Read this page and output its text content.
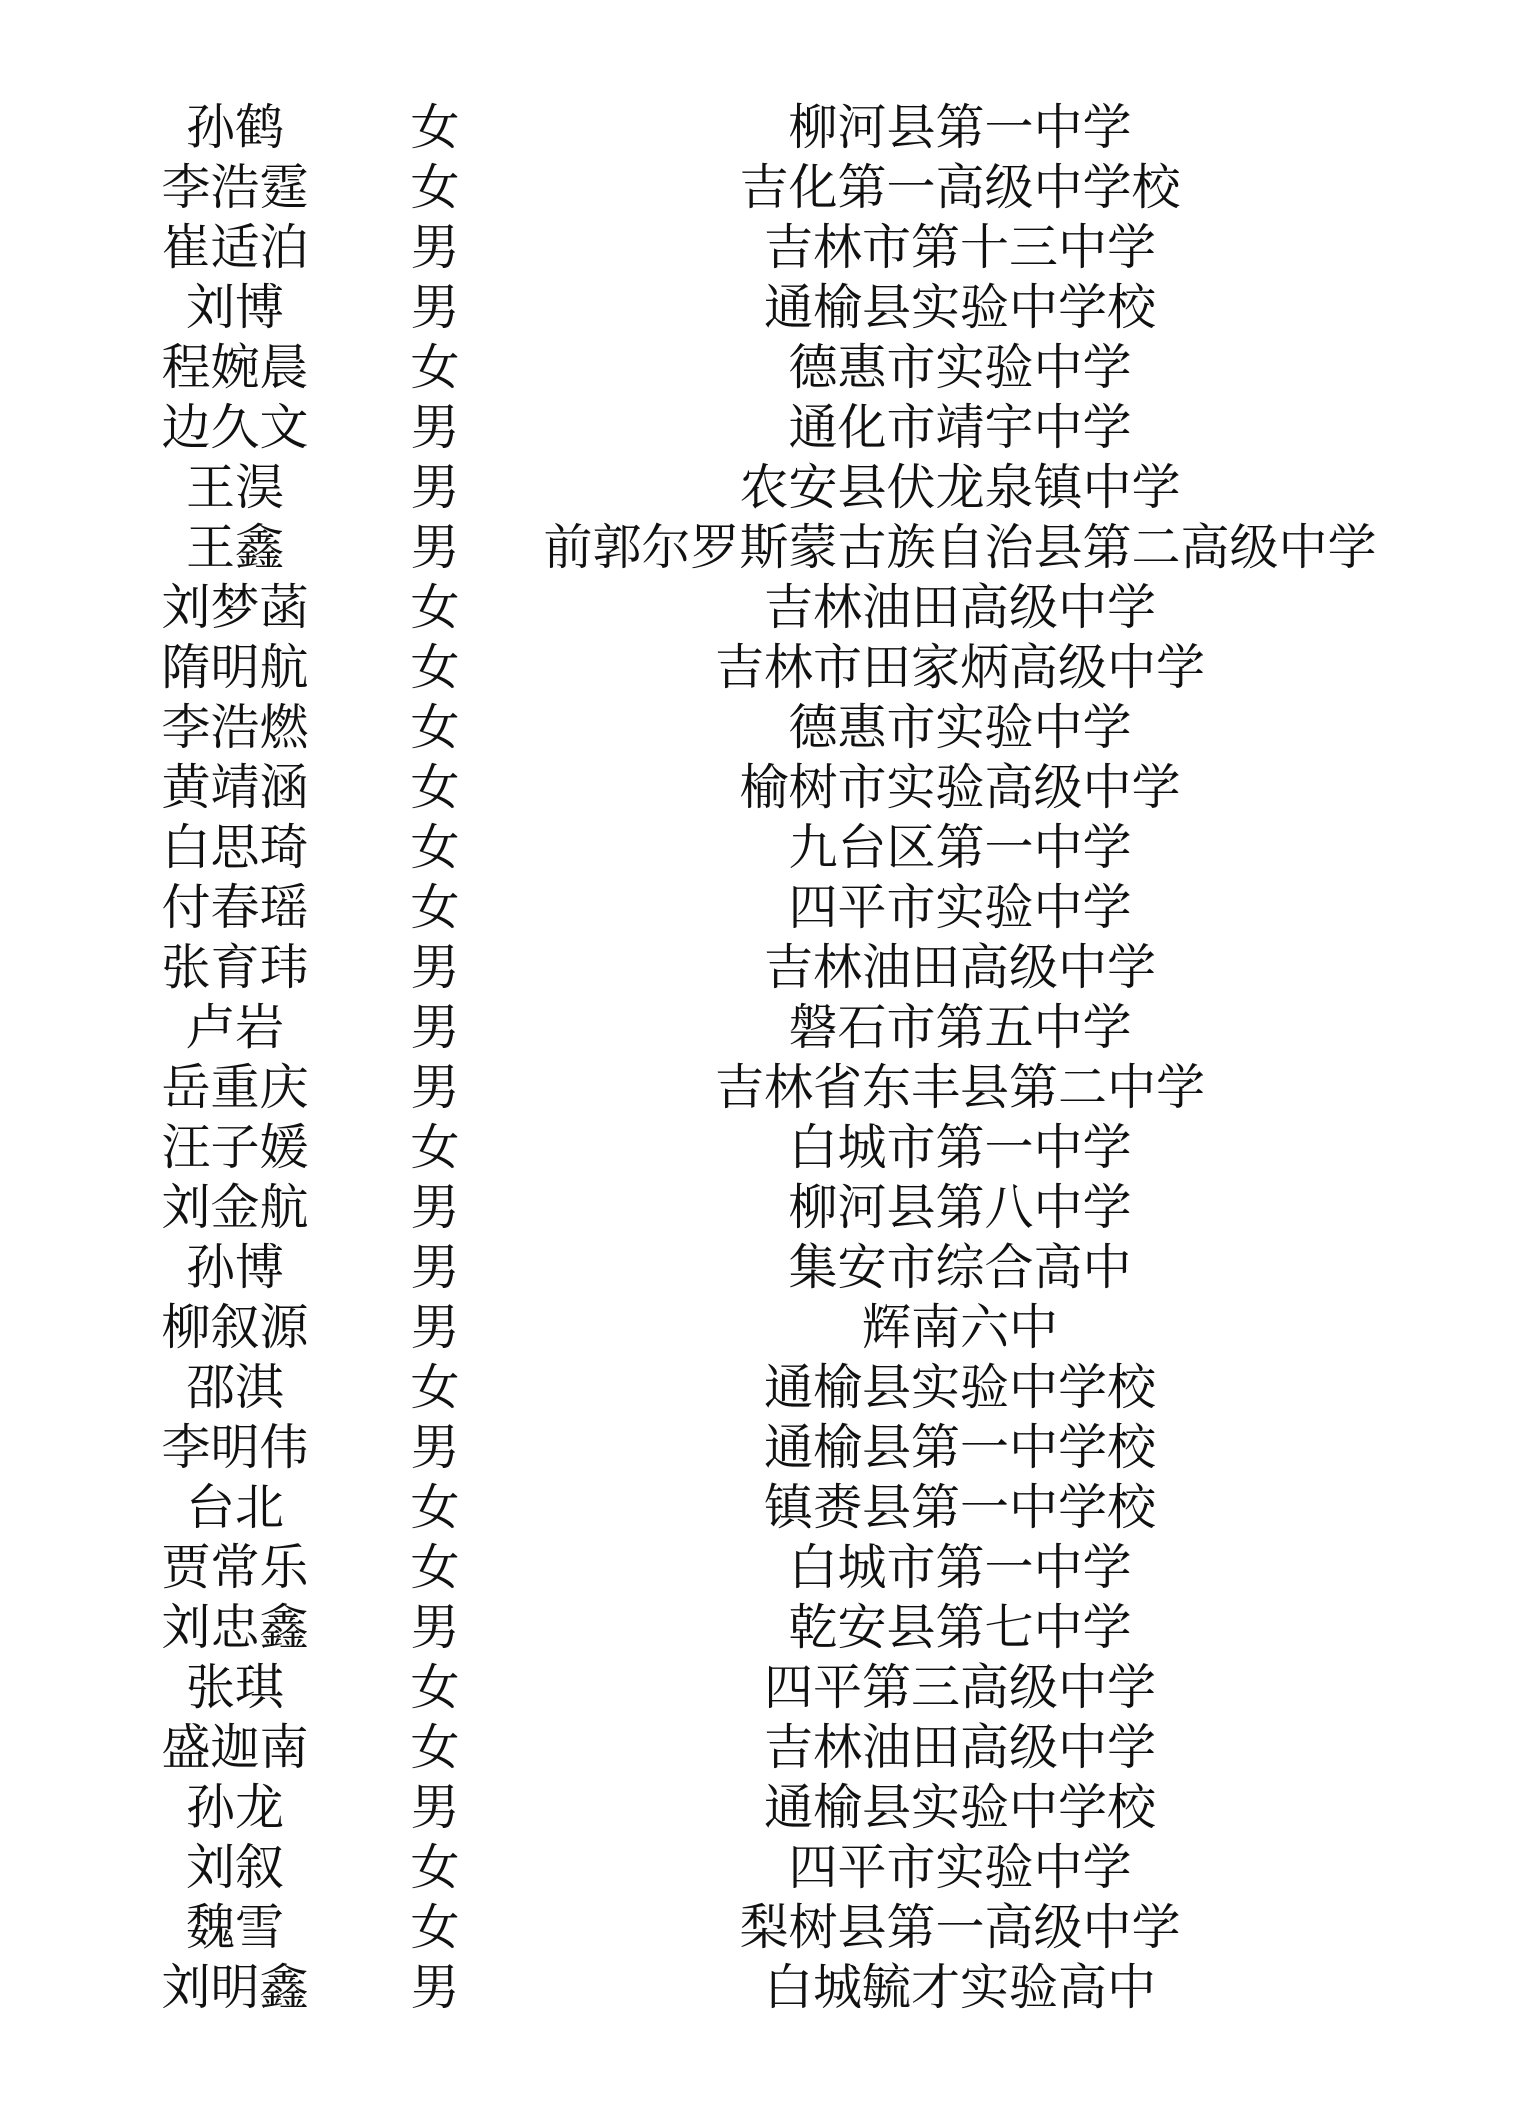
孙鹤	女	柳河县第一中学
李浩霆	女	吉化第一高级中学校
崔适泊	男	吉林市第十三中学
刘博	男	通榆县实验中学校
程婉晨	女	德惠市实验中学
边久文	男	通化市靖宇中学
王淏	男	农安县伏龙泉镇中学
王鑫	男	前郭尔罗斯蒙古族自治县第二高级中学
刘梦菡	女	吉林油田高级中学
隋明航	女	吉林市田家炳高级中学
李浩燃	女	德惠市实验中学
黄靖涵	女	榆树市实验高级中学
白思琦	女	九台区第一中学
付春瑶	女	四平市实验中学
张育玮	男	吉林油田高级中学
卢岩	男	磐石市第五中学
岳重庆	男	吉林省东丰县第二中学
汪子媛	女	白城市第一中学
刘金航	男	柳河县第八中学
孙博	男	集安市综合高中
柳叙源	男	辉南六中
邵淇	女	通榆县实验中学校
李明伟	男	通榆县第一中学校
台北	女	镇赉县第一中学校
贾常乐	女	白城市第一中学
刘忠鑫	男	乾安县第七中学
张琪	女	四平第三高级中学
盛迦南	女	吉林油田高级中学
孙龙	男	通榆县实验中学校
刘叙	女	四平市实验中学
魏雪	女	梨树县第一高级中学
刘明鑫	男	白城毓才实验高中
